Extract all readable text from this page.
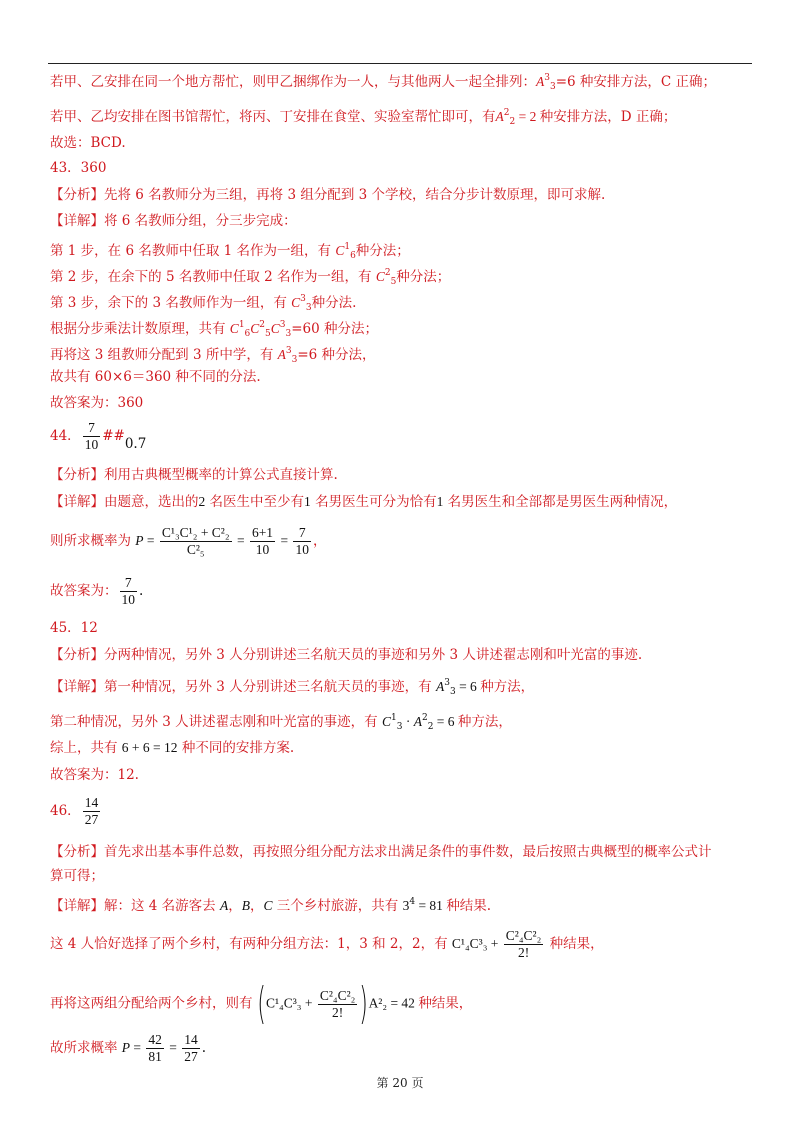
若甲、乙安排在同一个地方帮忙，则甲乙捆绑作为一人，与其他两人一起全排列：$A^3_3=6$ 种安排方法，C 正确；
若甲、乙均安排在图书馆帮忙，将丙、丁安排在食堂、实验室帮忙即可，有$A^2_2 = 2$ 种安排方法，D 正确；
故选：BCD.
43．360
【分析】先将 6 名教师分为三组，再将 3 组分配到 3 个学校，结合分步计数原理，即可求解.
【详解】将 6 名教师分组，分三步完成：
第 1 步，在 6 名教师中任取 1 名作为一组，有 $C^1_6$种分法；
第 2 步，在余下的 5 名教师中任取 2 名作为一组，有 $C^2_5$种分法；
第 3 步，余下的 3 名教师作为一组，有 $C^3_3$种分法.
根据分步乘法计数原理，共有 $C^1_6C^2_5C^3_3=60$ 种分法；
再将这 3 组教师分配到 3 所中学，有 $A^3_3=6$ 种分法，
故共有 60×6＝360 种不同的分法.
故答案为：360
44． $\frac{7}{10}$ ##0.7
【分析】利用古典概型概率的计算公式直接计算.
【详解】由题意，选出的2 名医生中至少有1 名男医生可分为恰有1 名男医生和全部都是男医生两种情况，
则所求概率为 $P = \frac{\text{C¹₃C¹₂ + C²₂}}{\text{C²₅}} = \frac{6+1}{10} = \frac{7}{10}$ ，
故答案为： $\frac{7}{10}$ .
45．12
【分析】分两种情况，另外 3 人分别讲述三名航天员的事迹和另外 3 人讲述翟志刚和叶光富的事迹.
【详解】第一种情况，另外 3 人分别讲述三名航天员的事迹，有 $A^3_3 = 6$ 种方法，
第二种情况，另外 3 人讲述翟志刚和叶光富的事迹，有 $C^1_3 \cdot A^2_2 = 6$ 种方法，
综上，共有 6 + 6 = 12 种不同的安排方案.
故答案为：12.
46． $\frac{14}{27}$
【分析】首先求出基本事件总数，再按照分组分配方法求出满足条件的事件数，最后按照古典概型的概率公式计
算可得；
【详解】解：这 4 名游客去 A，B，C 三个乡村旅游，共有 $3^4 = 81$ 种结果.
这 4 人恰好选择了两个乡村，有两种分组方法：1，3 和 2，2，有 $C^1_4C^3_3 + \frac{\text{C²₄C²₂}}{2!}$ 种结果，
再将这两组分配给两个乡村，则有 $(C^1_4C^3_3 + \frac{\text{C²₄C²₂}}{2!} )A^2_2 = 42$ 种结果，
故所求概率 $P = \frac{42}{81} = \frac{14}{27}$ .
第 20 页
